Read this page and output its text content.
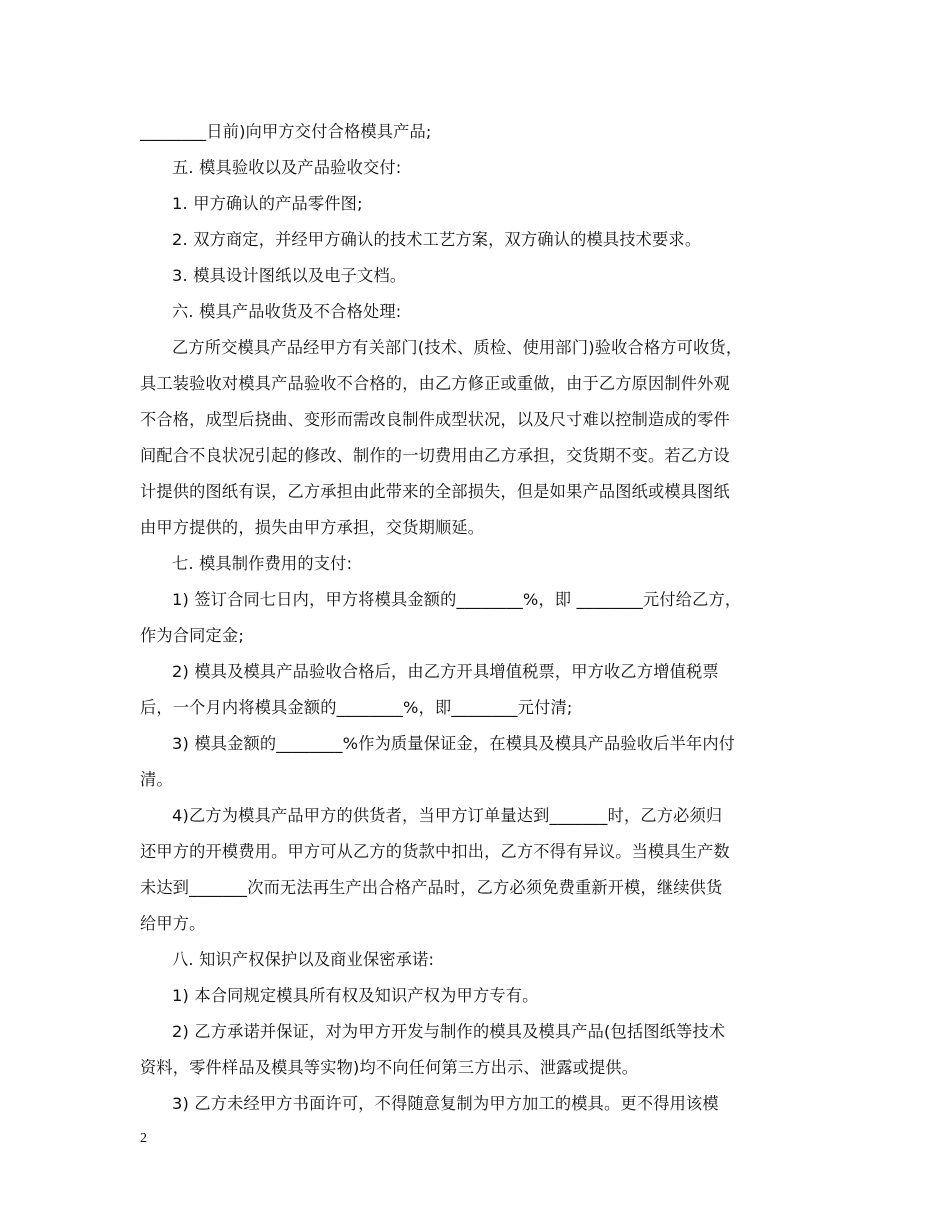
________日前)向甲方交付合格模具产品;

五. 模具验收以及产品验收交付:

1. 甲方确认的产品零件图;

2. 双方商定，并经甲方确认的技术工艺方案，双方确认的模具技术要求。

3. 模具设计图纸以及电子文档。

六. 模具产品收货及不合格处理:

乙方所交模具产品经甲方有关部门(技术、质检、使用部门)验收合格方可收货，
具工装验收对模具产品验收不合格的，由乙方修正或重做，由于乙方原因制件外观
不合格，成型后挠曲、变形而需改良制件成型状况，以及尺寸难以控制造成的零件
间配合不良状况引起的修改、制作的一切费用由乙方承担，交货期不变。若乙方设
计提供的图纸有误，乙方承担由此带来的全部损失，但是如果产品图纸或模具图纸
由甲方提供的，损失由甲方承担，交货期顺延。

七. 模具制作费用的支付:

1) 签订合同七日内，甲方将模具金额的________%，即 ________元付给乙方，
作为合同定金;

2) 模具及模具产品验收合格后，由乙方开具增值税票，甲方收乙方增值税票
后，一个月内将模具金额的________%，即________元付清;

3) 模具金额的________%作为质量保证金，在模具及模具产品验收后半年内付
清。

4)乙方为模具产品甲方的供货者，当甲方订单量达到_______时，乙方必须归
还甲方的开模费用。甲方可从乙方的货款中扣出，乙方不得有异议。当模具生产数
未达到_______次而无法再生产出合格产品时，乙方必须免费重新开模，继续供货
给甲方。

八. 知识产权保护以及商业保密承诺:

1) 本合同规定模具所有权及知识产权为甲方专有。

2) 乙方承诺并保证，对为甲方开发与制作的模具及模具产品(包括图纸等技术
资料，零件样品及模具等实物)均不向任何第三方出示、泄露或提供。

3) 乙方未经甲方书面许可，不得随意复制为甲方加工的模具。更不得用该模

2
